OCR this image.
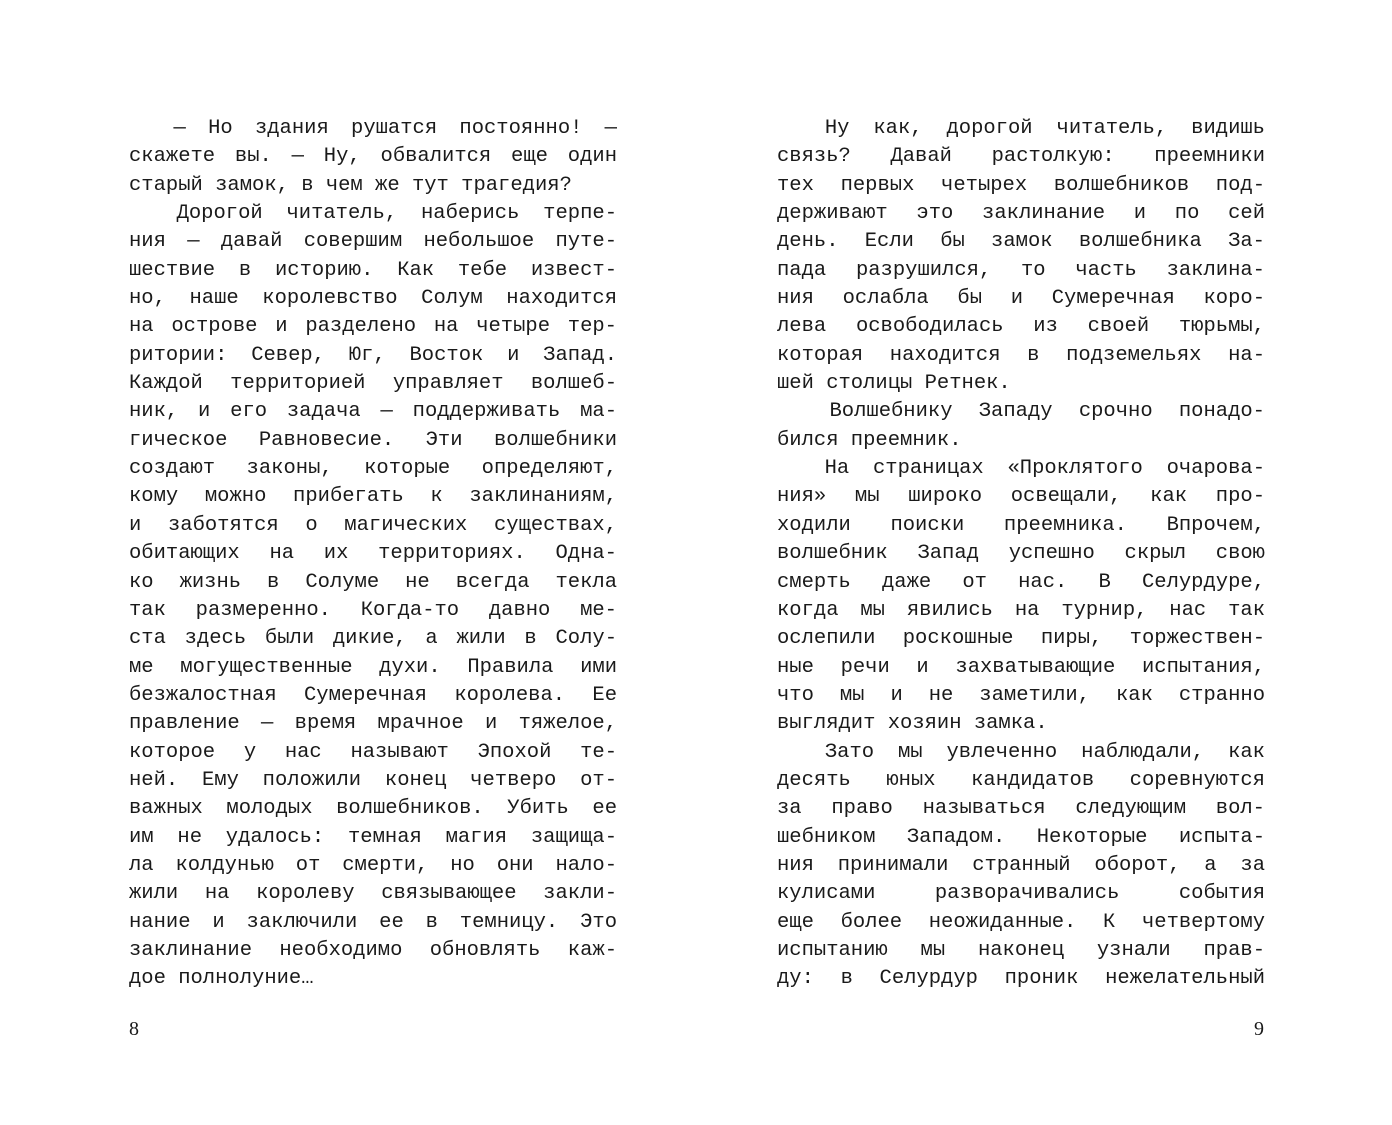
— Но здания рушатся постоянно! —
скажете вы. — Ну, обвалится еще один
старый замок, в чем же тут трагедия?
Дорогой читатель, наберись терпе-
ния — давай совершим небольшое путе-
шествие в историю. Как тебе извест-
но, наше королевство Солум находится
на острове и разделено на четыре тер-
ритории: Север, Юг, Восток и Запад.
Каждой территорией управляет волшеб-
ник, и его задача — поддерживать ма-
гическое Равновесие. Эти волшебники
создают законы, которые определяют,
кому можно прибегать к заклинаниям,
и заботятся о магических существах,
обитающих на их территориях. Одна-
ко жизнь в Солуме не всегда текла
так размеренно. Когда-то давно ме-
ста здесь были дикие, а жили в Солу-
ме могущественные духи. Правила ими
безжалостная Сумеречная королева. Ее
правление — время мрачное и тяжелое,
которое у нас называют Эпохой те-
ней. Ему положили конец четверо от-
важных молодых волшебников. Убить ее
им не удалось: темная магия защища-
ла колдунью от смерти, но они нало-
жили на королеву связывающее закли-
нание и заключили ее в темницу. Это
заклинание необходимо обновлять каж-
дое полнолуние…
8
Ну как, дорогой читатель, видишь
связь? Давай растолкую: преемники
тех первых четырех волшебников под-
держивают это заклинание и по сей
день. Если бы замок волшебника За-
пада разрушился, то часть заклина-
ния ослабла бы и Сумеречная коро-
лева освободилась из своей тюрьмы,
которая находится в подземельях на-
шей столицы Ретнек.
Волшебнику Западу срочно понадо-
бился преемник.
На страницах «Проклятого очарова-
ния» мы широко освещали, как про-
ходили поиски преемника. Впрочем,
волшебник Запад успешно скрыл свою
смерть даже от нас. В Селурдуре,
когда мы явились на турнир, нас так
ослепили роскошные пиры, торжествен-
ные речи и захватывающие испытания,
что мы и не заметили, как странно
выглядит хозяин замка.
Зато мы увлеченно наблюдали, как
десять юных кандидатов соревнуются
за право называться следующим вол-
шебником Западом. Некоторые испыта-
ния принимали странный оборот, а за
кулисами разворачивались события
еще более неожиданные. К четвертому
испытанию мы наконец узнали прав-
ду: в Селурдур проник нежелательный
9
